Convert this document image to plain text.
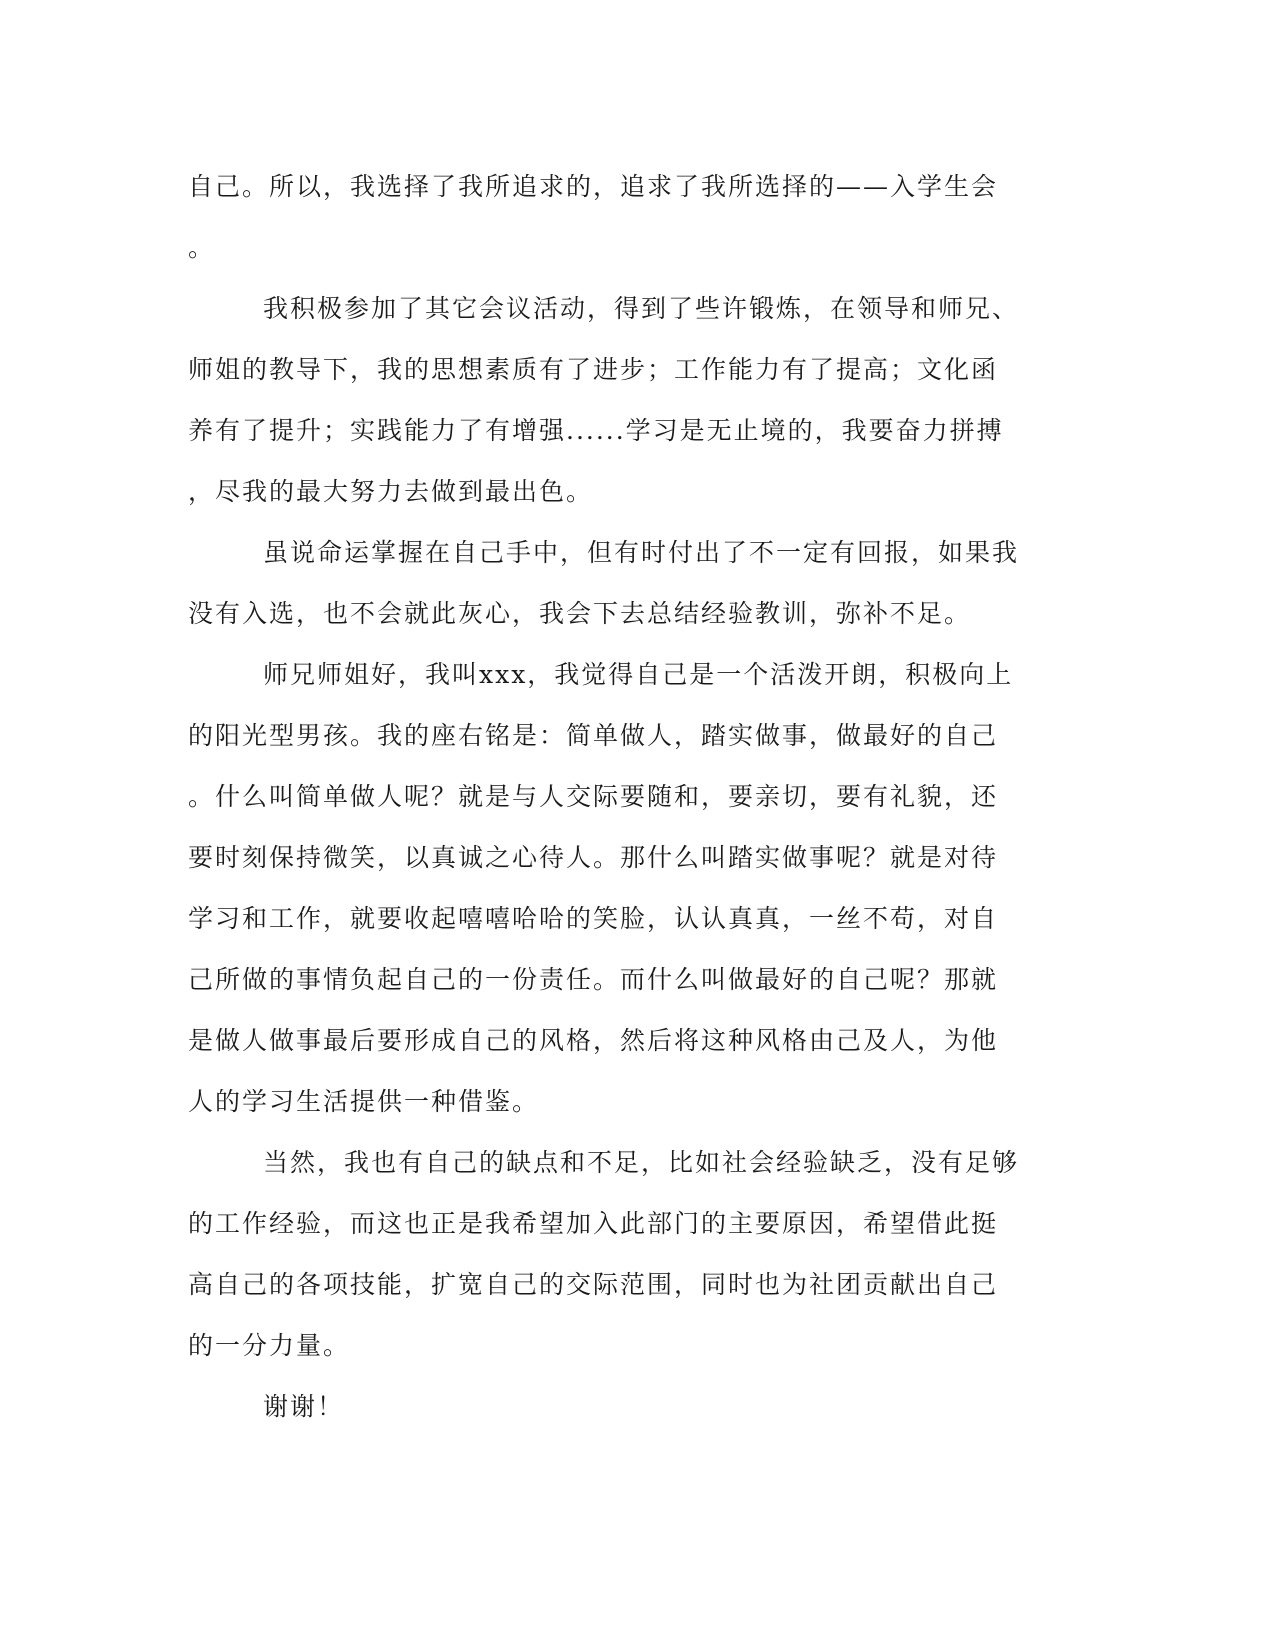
自己。所以，我选择了我所追求的，追求了我所选择的——入学生会
。
我积极参加了其它会议活动，得到了些许锻炼，在领导和师兄、
师姐的教导下，我的思想素质有了进步；工作能力有了提高；文化函
养有了提升；实践能力了有增强......学习是无止境的，我要奋力拼搏
，尽我的最大努力去做到最出色。
虽说命运掌握在自己手中，但有时付出了不一定有回报，如果我
没有入选，也不会就此灰心，我会下去总结经验教训，弥补不足。
师兄师姐好，我叫xxx，我觉得自己是一个活泼开朗，积极向上
的阳光型男孩。我的座右铭是：简单做人，踏实做事，做最好的自己
。什么叫简单做人呢？就是与人交际要随和，要亲切，要有礼貌，还
要时刻保持微笑，以真诚之心待人。那什么叫踏实做事呢？就是对待
学习和工作，就要收起嘻嘻哈哈的笑脸，认认真真，一丝不苟，对自
己所做的事情负起自己的一份责任。而什么叫做最好的自己呢？那就
是做人做事最后要形成自己的风格，然后将这种风格由己及人，为他
人的学习生活提供一种借鉴。
当然，我也有自己的缺点和不足，比如社会经验缺乏，没有足够
的工作经验，而这也正是我希望加入此部门的主要原因，希望借此挺
高自己的各项技能，扩宽自己的交际范围，同时也为社团贡献出自己
的一分力量。
谢谢！
